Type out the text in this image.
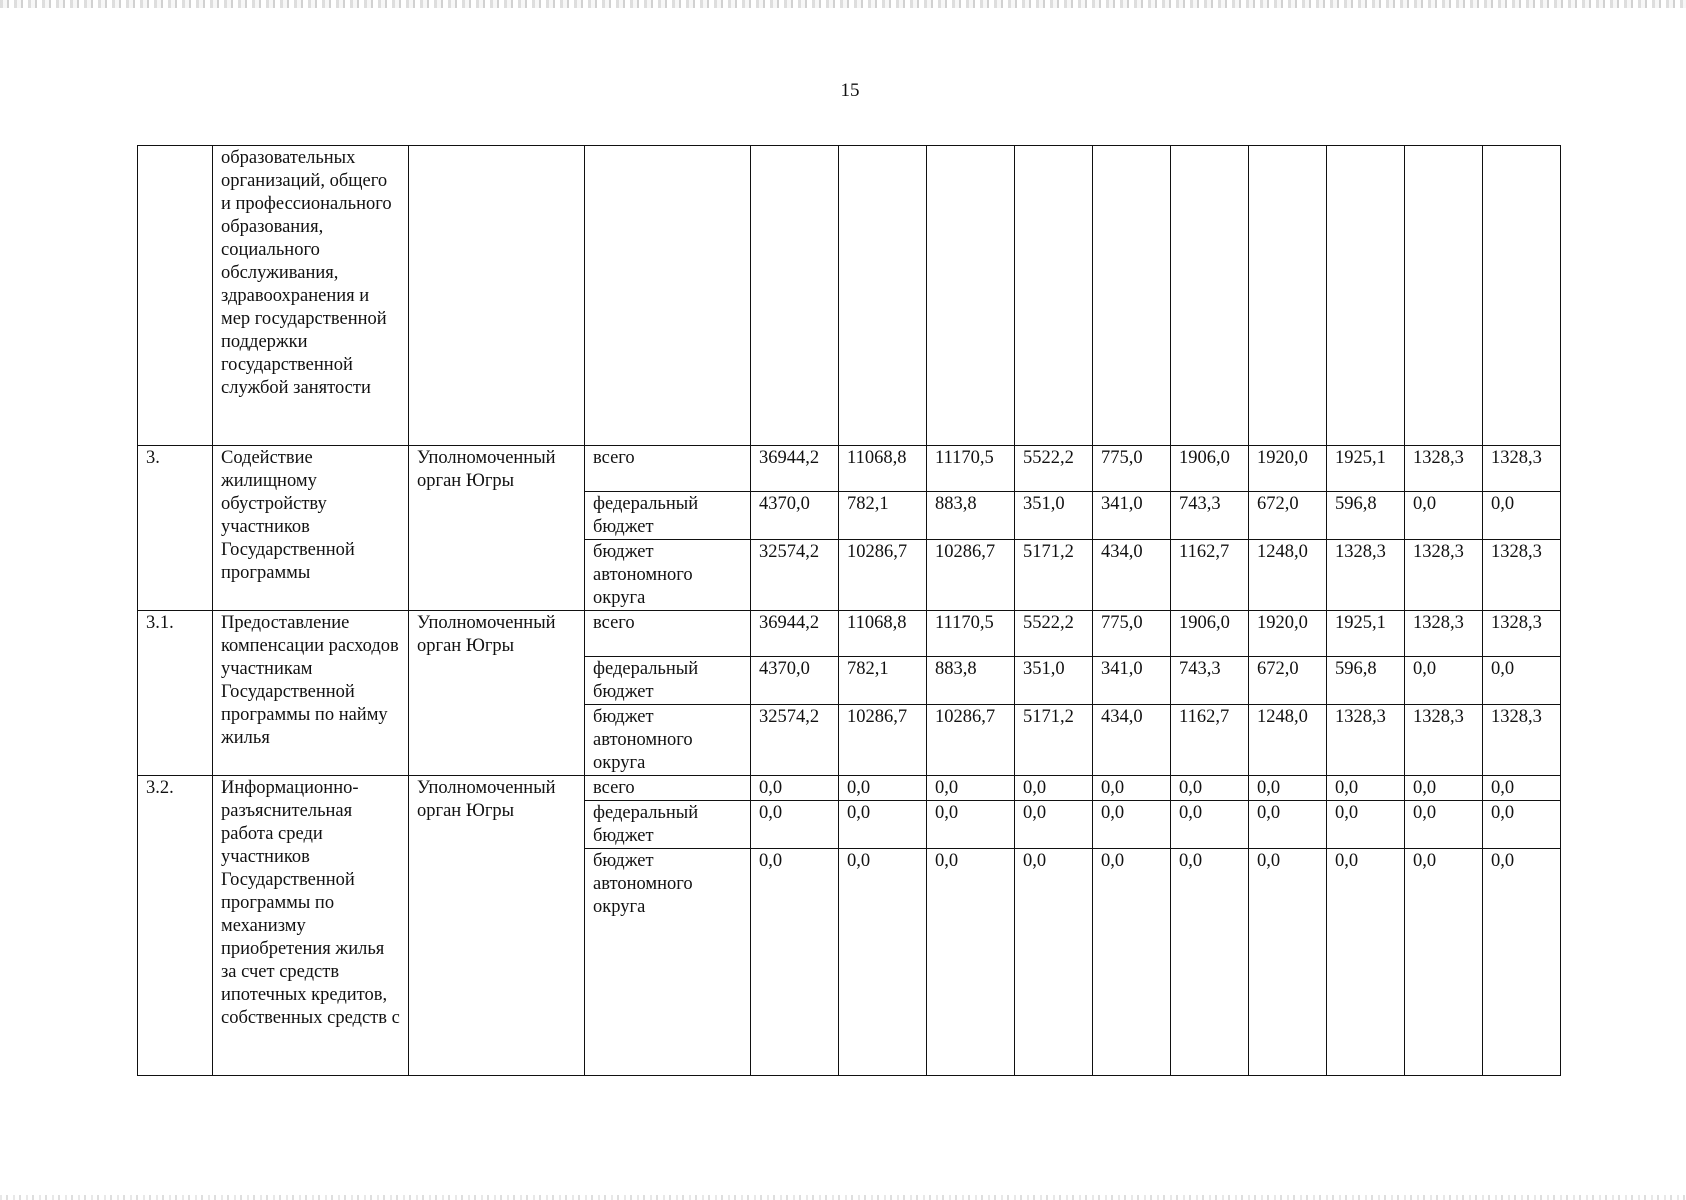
15
	образовательных организаций, общего и профессионального образования, социального обслуживания, здравоохранения и мер государственной поддержки государственной службой занятости												
3.	Содействие жилищному обустройству участников Государственной программы	Уполномоченный орган Югры	всего	36944,2	11068,8	11170,5	5522,2	775,0	1906,0	1920,0	1925,1	1328,3	1328,3
			федеральный бюджет	4370,0	782,1	883,8	351,0	341,0	743,3	672,0	596,8	0,0	0,0
			бюджет автономного округа	32574,2	10286,7	10286,7	5171,2	434,0	1162,7	1248,0	1328,3	1328,3	1328,3
3.1.	Предоставление компенсации расходов участникам Государственной программы по найму жилья	Уполномоченный орган Югры	всего	36944,2	11068,8	11170,5	5522,2	775,0	1906,0	1920,0	1925,1	1328,3	1328,3
			федеральный бюджет	4370,0	782,1	883,8	351,0	341,0	743,3	672,0	596,8	0,0	0,0
			бюджет автономного округа	32574,2	10286,7	10286,7	5171,2	434,0	1162,7	1248,0	1328,3	1328,3	1328,3
3.2.	Информационно-разъяснительная работа среди участников Государственной программы по механизму приобретения жилья за счет средств ипотечных кредитов, собственных средств с	Уполномоченный орган Югры	всего	0,0	0,0	0,0	0,0	0,0	0,0	0,0	0,0	0,0	0,0
			федеральный бюджет	0,0	0,0	0,0	0,0	0,0	0,0	0,0	0,0	0,0	0,0
			бюджет автономного округа	0,0	0,0	0,0	0,0	0,0	0,0	0,0	0,0	0,0	0,0
